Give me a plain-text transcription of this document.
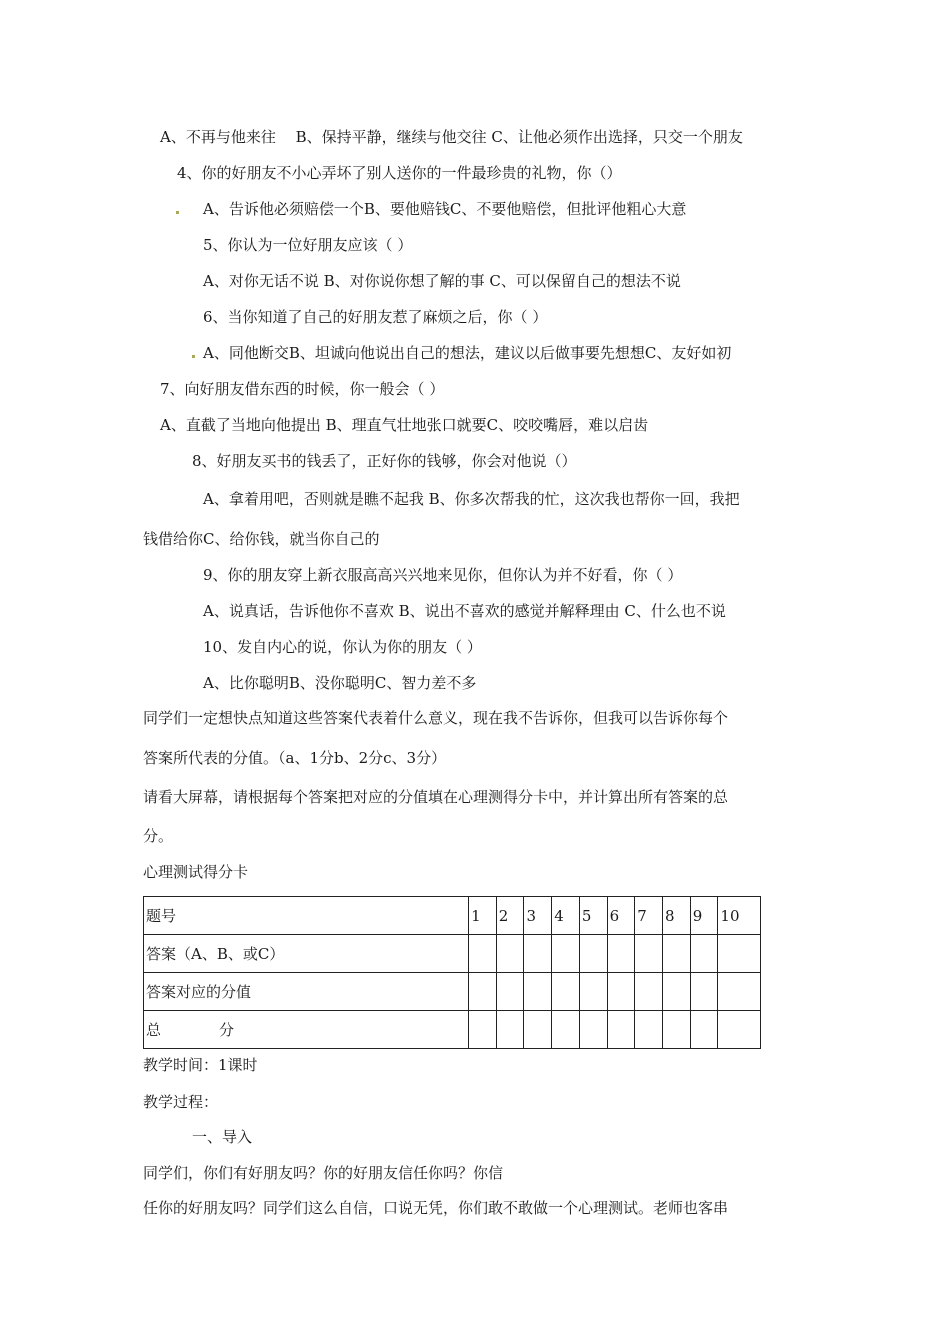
A、不再与他来往　 B、保持平静，继续与他交往 C、让他必须作出选择，只交一个朋友
4、你的好朋友不小心弄坏了别人送你的一件最珍贵的礼物，你（）
A、告诉他必须赔偿一个B、要他赔钱C、不要他赔偿，但批评他粗心大意
5、你认为一位好朋友应该（ ）
A、对你无话不说 B、对你说你想了解的事 C、可以保留自己的想法不说
6、当你知道了自己的好朋友惹了麻烦之后，你（ ）
A、同他断交B、坦诚向他说出自己的想法，建议以后做事要先想想C、友好如初
7、向好朋友借东西的时候，你一般会（ ）
A、直截了当地向他提出 B、理直气壮地张口就要C、咬咬嘴唇，难以启齿
8、好朋友买书的钱丢了，正好你的钱够，你会对他说（）
A、拿着用吧，否则就是瞧不起我 B、你多次帮我的忙，这次我也帮你一回，我把
钱借给你C、给你钱，就当你自己的
9、你的朋友穿上新衣服高高兴兴地来见你，但你认为并不好看，你（ ）
A、说真话，告诉他你不喜欢 B、说出不喜欢的感觉并解释理由 C、什么也不说
10、发自内心的说，你认为你的朋友（ ）
A、比你聪明B、没你聪明C、智力差不多
同学们一定想快点知道这些答案代表着什么意义，现在我不告诉你，但我可以告诉你每个
答案所代表的分值。（a、1分b、2分c、3分）
请看大屏幕，请根据每个答案把对应的分值填在心理测得分卡中，并计算出所有答案的总
分。
心理测试得分卡
题号	1	2	3	4	5	6	7	8	9	10
答案（A、B、或C）										
答案对应的分值										
总 分										
教学时间：1课时
教学过程：
一、导入
同学们，你们有好朋友吗？你的好朋友信任你吗？你信
任你的好朋友吗？同学们这么自信，口说无凭，你们敢不敢做一个心理测试。老师也客串
